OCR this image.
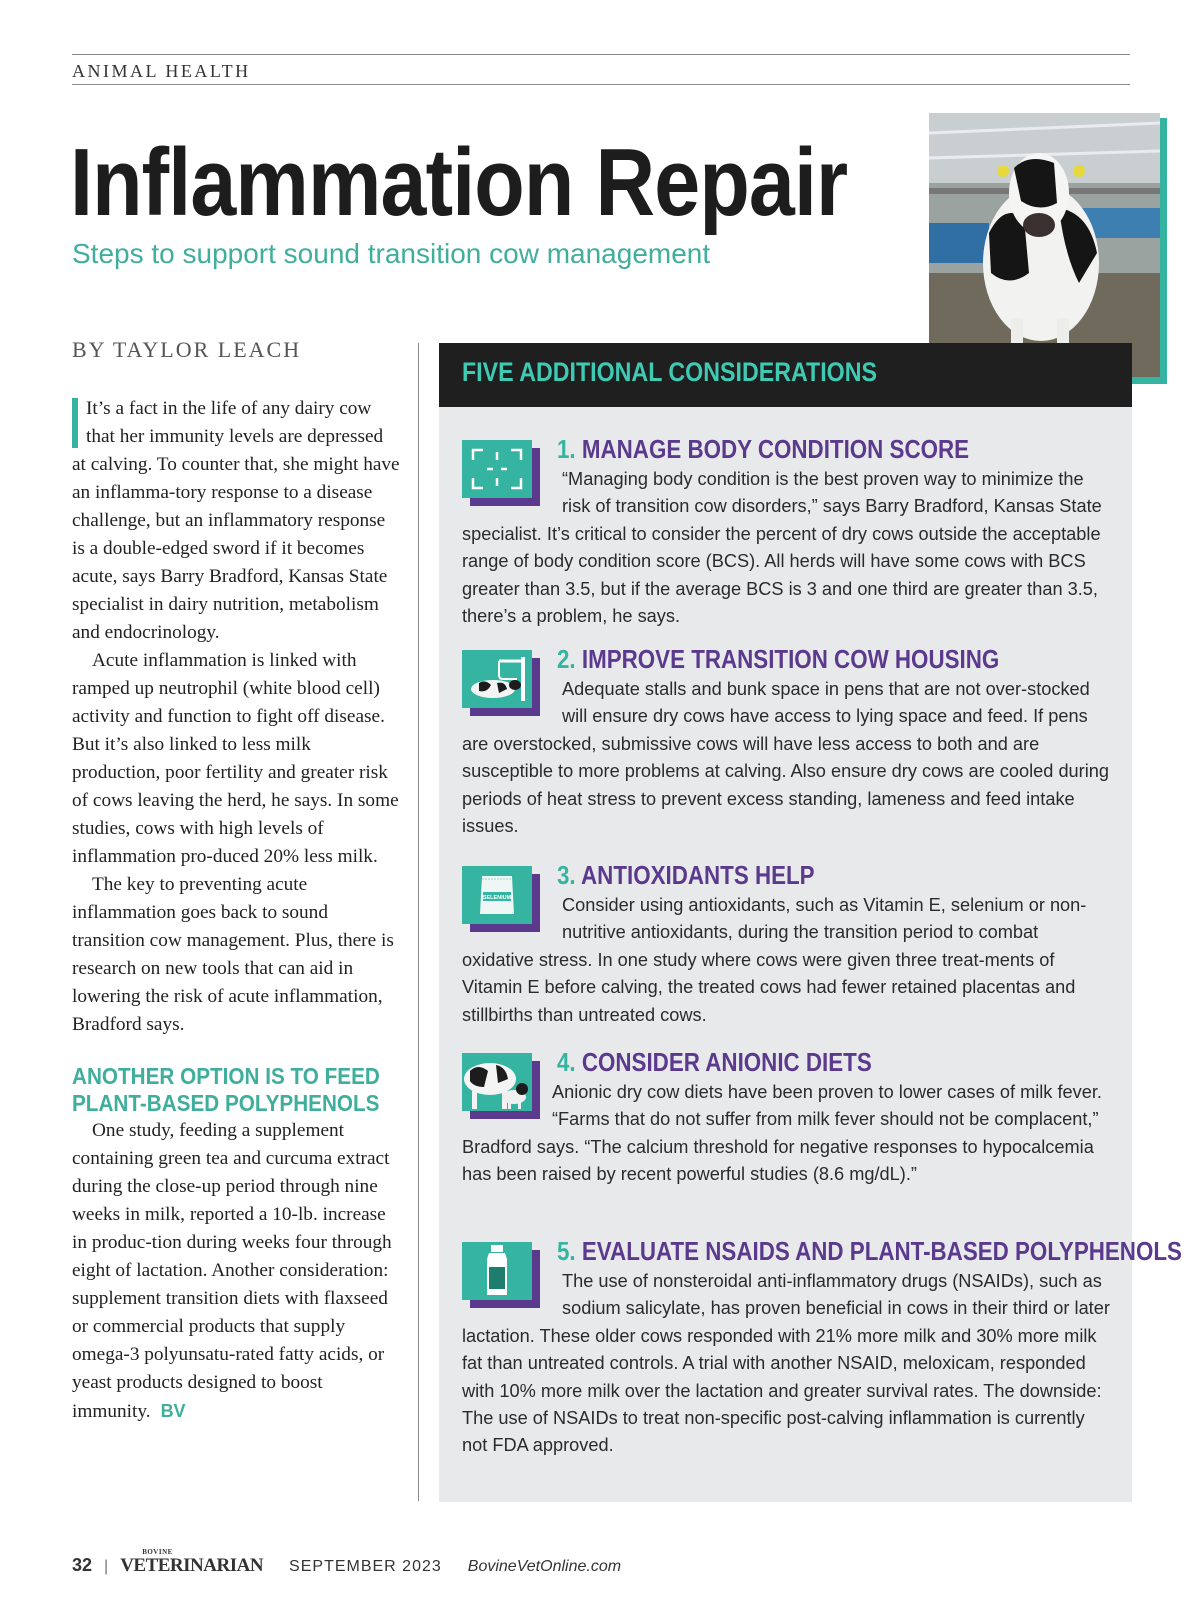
ANIMAL HEALTH
Inflammation Repair
Steps to support sound transition cow management
BY TAYLOR LEACH

It’s a fact in the life of any dairy cow that her immunity levels are depressed at calving. To counter that, she might have an inflamma-tory response to a disease challenge, but an inflammatory response is a double-edged sword if it becomes acute, says Barry Bradford, Kansas State specialist in dairy nutrition, metabolism and endocrinology.

Acute inflammation is linked with ramped up neutrophil (white blood cell) activity and function to fight off disease. But it’s also linked to less milk production, poor fertility and greater risk of cows leaving the herd, he says. In some studies, cows with high levels of inflammation pro-duced 20% less milk.

The key to preventing acute inflammation goes back to sound transition cow management. Plus, there is research on new tools that can aid in lowering the risk of acute inflammation, Bradford says.

ANOTHER OPTION IS TO FEED PLANT-BASED POLYPHENOLS

One study, feeding a supplement containing green tea and curcuma extract during the close-up period through nine weeks in milk, reported a 10-lb. increase in produc-tion during weeks four through eight of lactation. Another consideration: supplement transition diets with flaxseed or commercial products that supply omega-3 polyunsatu-rated fatty acids, or yeast products designed to boost immunity. BV

FIVE ADDITIONAL CONSIDERATIONS
1. MANAGE BODY CONDITION SCORE

“Managing body condition is the best proven way to minimize the risk of transition cow disorders,” says Barry Bradford, Kansas State specialist. It’s critical to consider the percent of dry cows outside the acceptable range of body condition score (BCS). All herds will have some cows with BCS greater than 3.5, but if the average BCS is 3 and one third are greater than 3.5, there’s a problem, he says.

2. IMPROVE TRANSITION COW HOUSING

Adequate stalls and bunk space in pens that are not over-stocked will ensure dry cows have access to lying space and feed. If pens are overstocked, submissive cows will have less access to both and are susceptible to more problems at calving. Also ensure dry cows are cooled during periods of heat stress to prevent excess standing, lameness and feed intake issues.

SELENIUM
3. ANTIOXIDANTS HELP

Consider using antioxidants, such as Vitamin E, selenium or non-nutritive antioxidants, during the transition period to combat oxidative stress. In one study where cows were given three treat-ments of Vitamin E before calving, the treated cows had fewer retained placentas and stillbirths than untreated cows.

4. CONSIDER ANIONIC DIETS

Anionic dry cow diets have been proven to lower cases of milk fever. “Farms that do not suffer from milk fever should not be complacent,” Bradford says. “The calcium threshold for negative responses to hypocalcemia has been raised by recent powerful studies (8.6 mg/dL).”

5. EVALUATE NSAIDS AND PLANT-BASED POLYPHENOLS

The use of nonsteroidal anti-inflammatory drugs (NSAIDs), such as sodium salicylate, has proven beneficial in cows in their third or later lactation. These older cows responded with 21% more milk and 30% more milk fat than untreated controls. A trial with another NSAID, meloxicam, responded with 10% more milk over the lactation and greater survival rates. The downside: The use of NSAIDs to treat non-specific post-calving inflammation is currently not FDA approved.

32 |
BOVINE
VETERINARIAN SEPTEMBER 2023 BovineVetOnline.com
